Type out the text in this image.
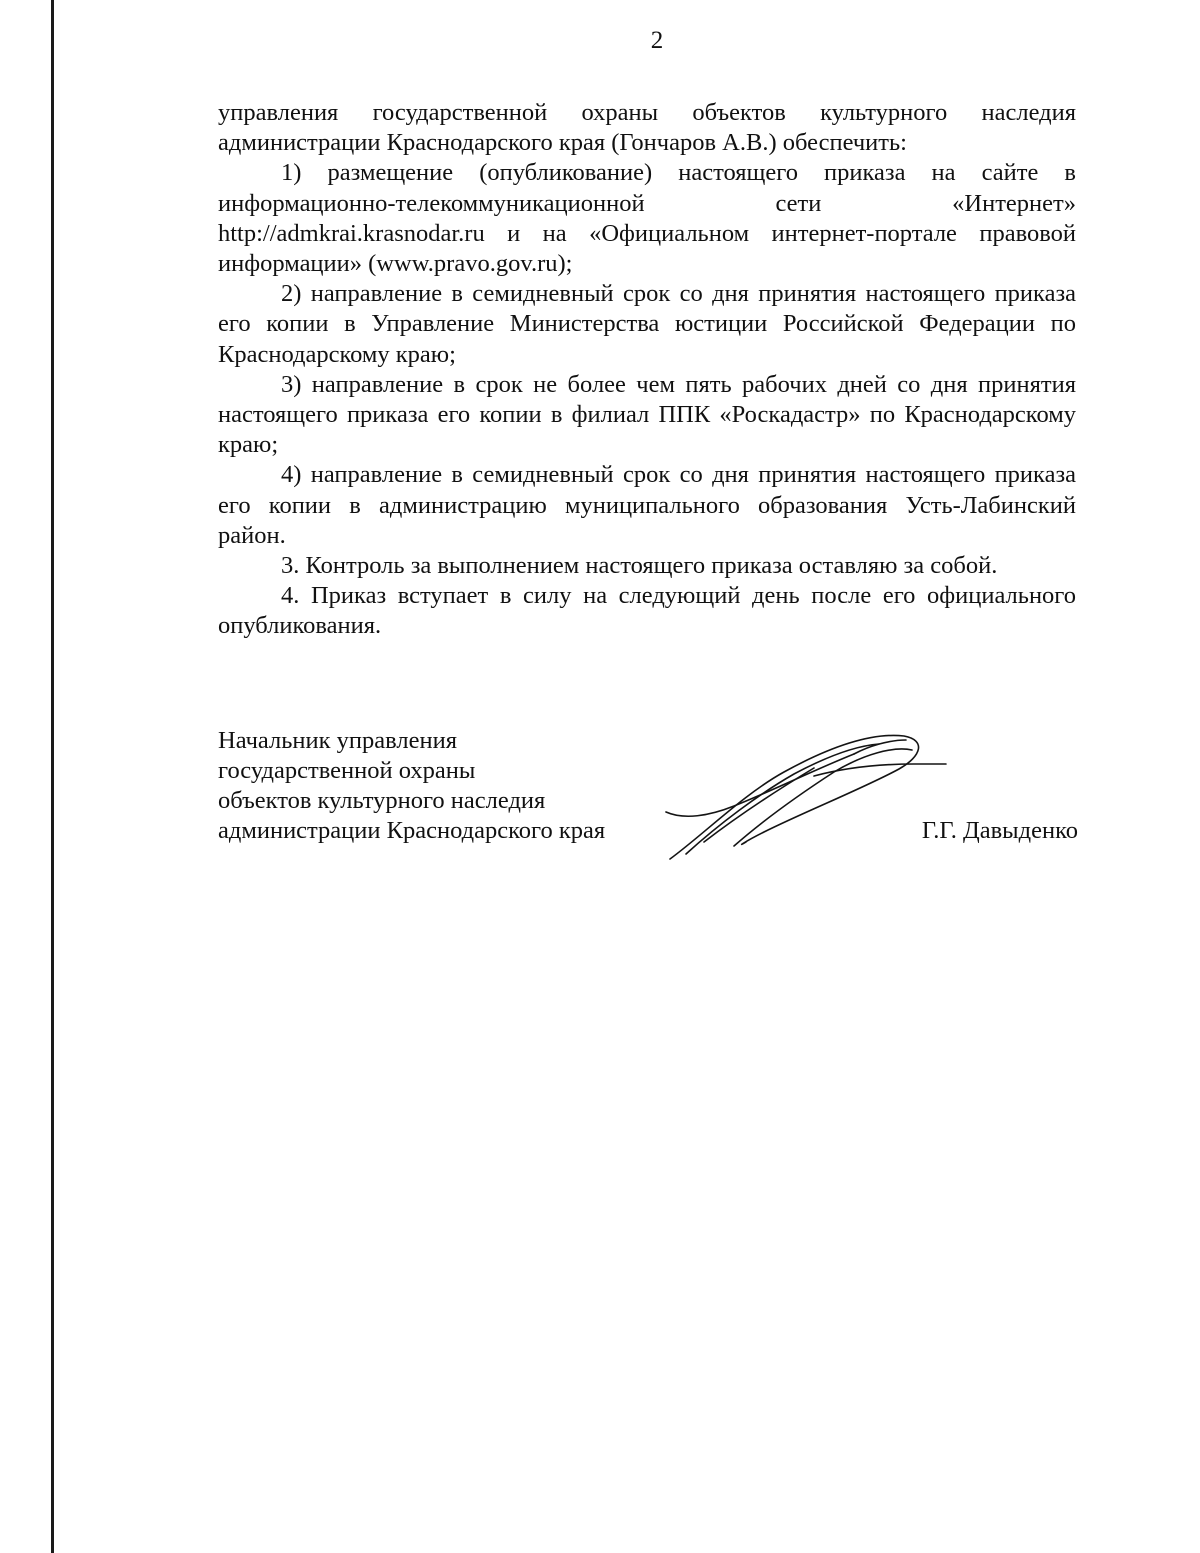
2

управления государственной охраны объектов культурного наследия администрации Краснодарского края (Гончаров А.В.) обеспечить:

1) размещение (опубликование) настоящего приказа на сайте в информационно-телекоммуникационной сети «Интернет» http://admkrai.krasnodar.ru и на «Официальном интернет-портале правовой информации» (www.pravo.gov.ru);

2) направление в семидневный срок со дня принятия настоящего приказа его копии в Управление Министерства юстиции Российской Федерации по Краснодарскому краю;

3) направление в срок не более чем пять рабочих дней со дня принятия настоящего приказа его копии в филиал ППК «Роскадастр» по Краснодарскому краю;

4) направление в семидневный срок со дня принятия настоящего приказа его копии в администрацию муниципального образования Усть-Лабинский район.

3. Контроль за выполнением настоящего приказа оставляю за собой.

4. Приказ вступает в силу на следующий день после его официального опубликования.

Начальник управления
государственной охраны
объектов культурного наследия
администрации Краснодарского края	Г.Г. Давыденко
